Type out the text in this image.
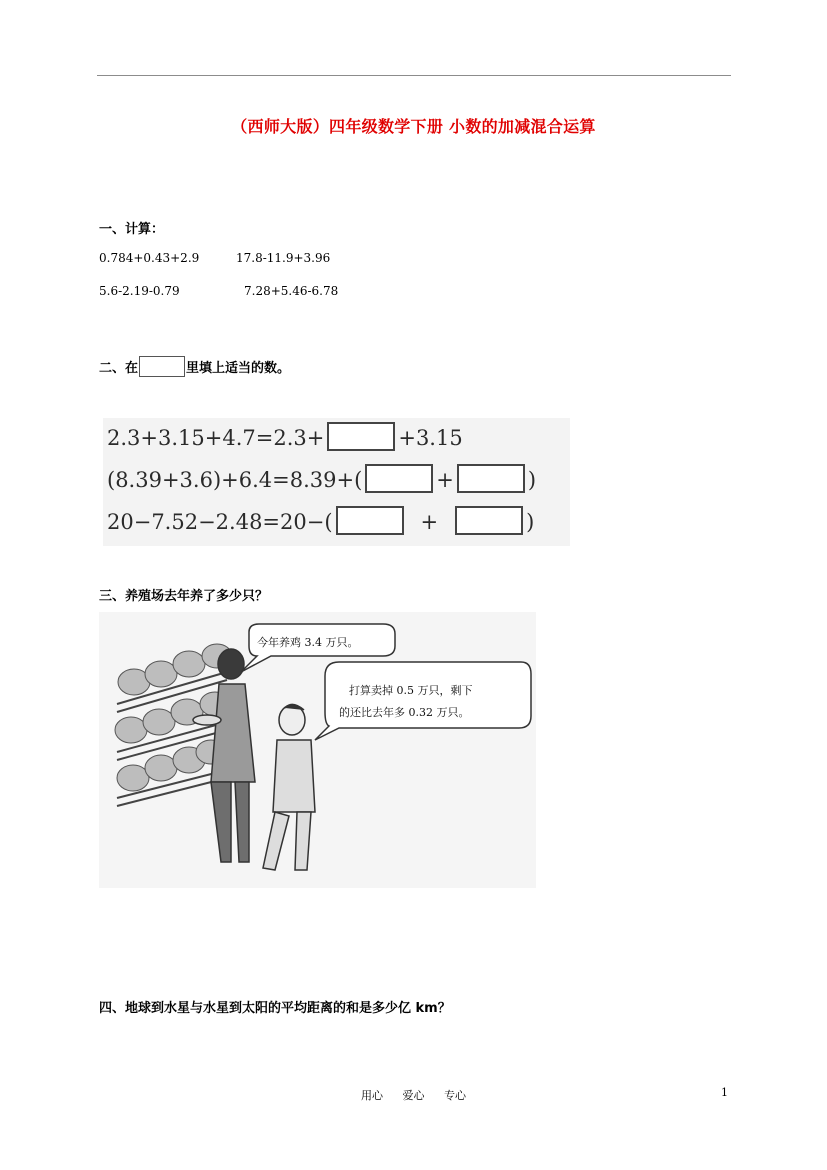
（西师大版）四年级数学下册 小数的加减混合运算
一、计算：
0.784+0.43+2.9	17.8-11.9+3.96
5.6-2.19-0.79	7.28+5.46-6.78
二、在	里填上适当的数。
2.3+3.15+4.7=2.3+	+3.15
(8.39+3.6)+6.4=8.39+(	+	)
20−7.52−2.48=20−(	+	)
三、养殖场去年养了多少只？
今年养鸡 3.4 万只。
打算卖掉 0.5 万只，剩下
的还比去年多 0.32 万只。
四、地球到水星与水星到太阳的平均距离的和是多少亿 km？
用心 爱心 专心	1
